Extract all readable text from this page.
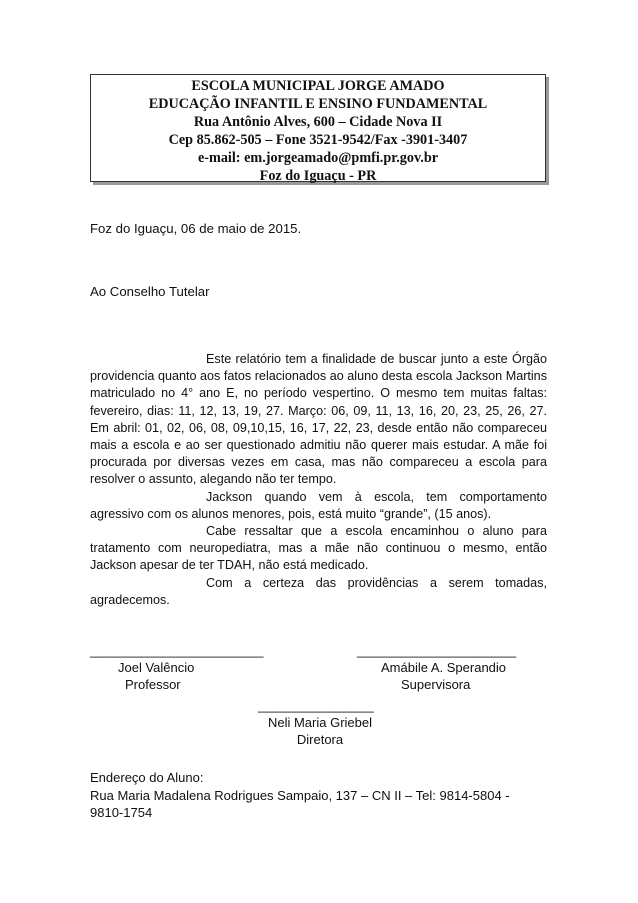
ESCOLA MUNICIPAL JORGE AMADO
EDUCAÇÃO INFANTIL E ENSINO FUNDAMENTAL
Rua Antônio Alves, 600 – Cidade Nova II
Cep 85.862-505 – Fone 3521-9542/Fax -3901-3407
e-mail: em.jorgeamado@pmfi.pr.gov.br
Foz do Iguaçu - PR
Foz do Iguaçu, 06 de maio de 2015.
Ao Conselho Tutelar

Este relatório tem a finalidade de buscar junto a este Órgão providencia quanto aos fatos relacionados ao aluno desta escola Jackson Martins matriculado no 4° ano E, no período vespertino. O mesmo tem muitas faltas: fevereiro, dias: 11, 12, 13, 19, 27. Março: 06, 09, 11, 13, 16, 20, 23, 25, 26, 27. Em abril: 01, 02, 06, 08, 09,10,15, 16, 17, 22, 23, desde então não compareceu mais a escola e ao ser questionado admitiu não querer mais estudar. A mãe foi procurada por diversas vezes em casa, mas não compareceu a escola para resolver o assunto, alegando não ter tempo.

Jackson quando vem à escola, tem comportamento agressivo com os alunos menores, pois, está muito “grande”, (15 anos).

Cabe ressaltar que a escola encaminhou o aluno para tratamento com neuropediatra, mas a mãe não continuou o mesmo, então Jackson apesar de ter TDAH, não está medicado.

Com a certeza das providências a serem tomadas, agradecemos.

________________________
Joel Valêncio
Professor
______________________
Amábile A. Sperandio
Supervisora
________________
Neli Maria Griebel
Diretora
Endereço do Aluno:
Rua Maria Madalena Rodrigues Sampaio, 137 – CN II – Tel: 9814-5804 -
9810-1754
